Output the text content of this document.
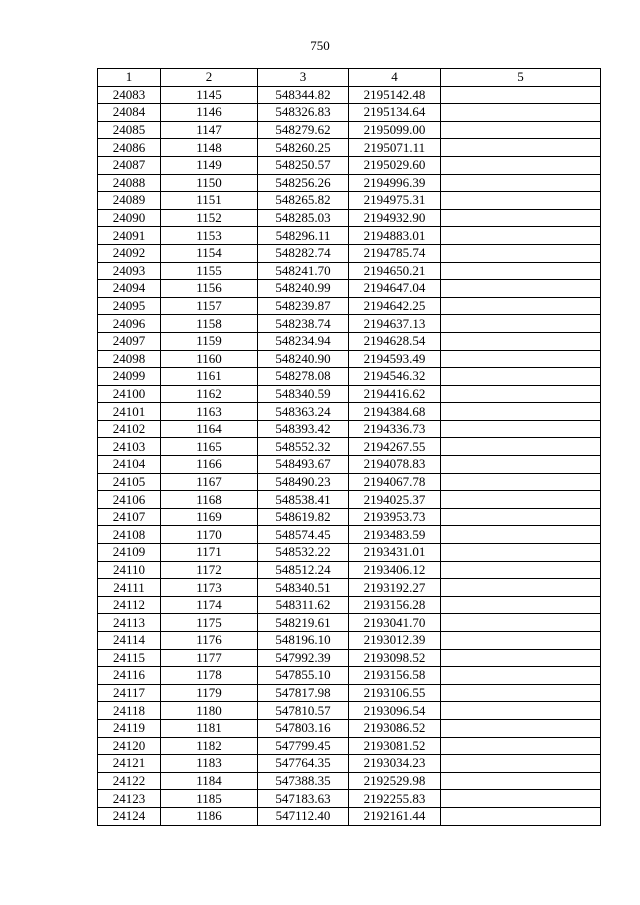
750
1	2	3	4	5
24083	1145	548344.82	2195142.48	
24084	1146	548326.83	2195134.64	
24085	1147	548279.62	2195099.00	
24086	1148	548260.25	2195071.11	
24087	1149	548250.57	2195029.60	
24088	1150	548256.26	2194996.39	
24089	1151	548265.82	2194975.31	
24090	1152	548285.03	2194932.90	
24091	1153	548296.11	2194883.01	
24092	1154	548282.74	2194785.74	
24093	1155	548241.70	2194650.21	
24094	1156	548240.99	2194647.04	
24095	1157	548239.87	2194642.25	
24096	1158	548238.74	2194637.13	
24097	1159	548234.94	2194628.54	
24098	1160	548240.90	2194593.49	
24099	1161	548278.08	2194546.32	
24100	1162	548340.59	2194416.62	
24101	1163	548363.24	2194384.68	
24102	1164	548393.42	2194336.73	
24103	1165	548552.32	2194267.55	
24104	1166	548493.67	2194078.83	
24105	1167	548490.23	2194067.78	
24106	1168	548538.41	2194025.37	
24107	1169	548619.82	2193953.73	
24108	1170	548574.45	2193483.59	
24109	1171	548532.22	2193431.01	
24110	1172	548512.24	2193406.12	
24111	1173	548340.51	2193192.27	
24112	1174	548311.62	2193156.28	
24113	1175	548219.61	2193041.70	
24114	1176	548196.10	2193012.39	
24115	1177	547992.39	2193098.52	
24116	1178	547855.10	2193156.58	
24117	1179	547817.98	2193106.55	
24118	1180	547810.57	2193096.54	
24119	1181	547803.16	2193086.52	
24120	1182	547799.45	2193081.52	
24121	1183	547764.35	2193034.23	
24122	1184	547388.35	2192529.98	
24123	1185	547183.63	2192255.83	
24124	1186	547112.40	2192161.44	
